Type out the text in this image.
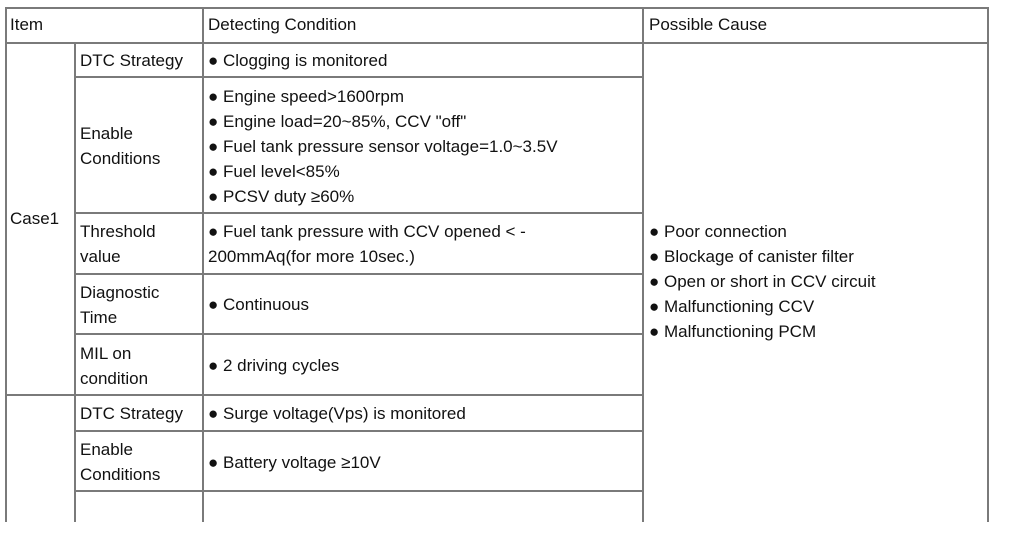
Item	Detecting Condition	Possible Cause
Case1
DTC Strategy ● Clogging is monitored
Enable
Conditions
● Engine speed>1600rpm
● Engine load=20~85%, CCV "off"
● Fuel tank pressure sensor voltage=1.0~3.5V
● Fuel level<85%
● PCSV duty ≥60%
Threshold
value
● Fuel tank pressure with CCV opened < -
200mmAq(for more 10sec.)
Diagnostic
Time
● Continuous
MIL on
condition
● 2 driving cycles
● Poor connection
● Blockage of canister filter
● Open or short in CCV circuit
● Malfunctioning CCV
● Malfunctioning PCM
DTC Strategy ● Surge voltage(Vps) is monitored
Enable
Conditions
● Battery voltage ≥10V
